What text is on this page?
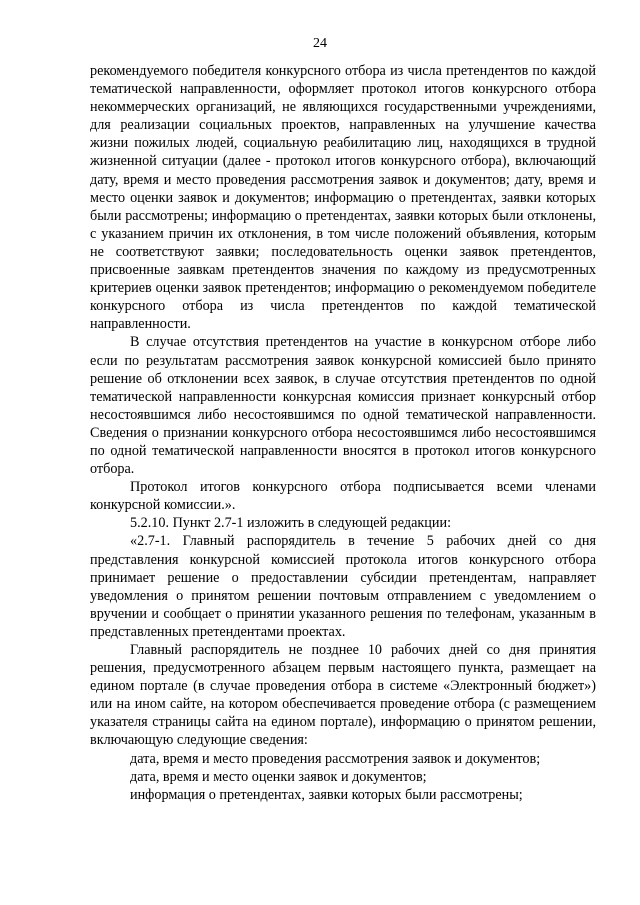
24

рекомендуемого победителя конкурсного отбора из числа претендентов по каждой тематической направленности, оформляет протокол итогов конкурсного отбора некоммерческих организаций, не являющихся государственными учреждениями, для реализации социальных проектов, направленных на улучшение качества жизни пожилых людей, социальную реабилитацию лиц, находящихся в трудной жизненной ситуации (далее - протокол итогов конкурсного отбора), включающий дату, время и место проведения рассмотрения заявок и документов; дату, время и место оценки заявок и документов; информацию о претендентах, заявки которых были рассмотрены; информацию о претендентах, заявки которых были отклонены, с указанием причин их отклонения, в том числе положений объявления, которым не соответствуют заявки; последовательность оценки заявок претендентов, присвоенные заявкам претендентов значения по каждому из предусмотренных критериев оценки заявок претендентов; информацию о рекомендуемом победителе конкурсного отбора из числа претендентов по каждой тематической направленности.

В случае отсутствия претендентов на участие в конкурсном отборе либо если по результатам рассмотрения заявок конкурсной комиссией было принято решение об отклонении всех заявок, в случае отсутствия претендентов по одной тематической направленности конкурсная комиссия признает конкурсный отбор несостоявшимся либо несостоявшимся по одной тематической направленности. Сведения о признании конкурсного отбора несостоявшимся либо несостоявшимся по одной тематической направленности вносятся в протокол итогов конкурсного отбора.

Протокол итогов конкурсного отбора подписывается всеми членами конкурсной комиссии.».

5.2.10. Пункт 2.7-1 изложить в следующей редакции:

«2.7-1. Главный распорядитель в течение 5 рабочих дней со дня представления конкурсной комиссией протокола итогов конкурсного отбора принимает решение о предоставлении субсидии претендентам, направляет уведомления о принятом решении почтовым отправлением с уведомлением о вручении и сообщает о принятии указанного решения по телефонам, указанным в представленных претендентами проектах.

Главный распорядитель не позднее 10 рабочих дней со дня принятия решения, предусмотренного абзацем первым настоящего пункта, размещает на едином портале (в случае проведения отбора в системе «Электронный бюджет») или на ином сайте, на котором обеспечивается проведение отбора (с размещением указателя страницы сайта на едином портале), информацию о принятом решении, включающую следующие сведения:

дата, время и место проведения рассмотрения заявок и документов;

дата, время и место оценки заявок и документов;

информация о претендентах, заявки которых были рассмотрены;
